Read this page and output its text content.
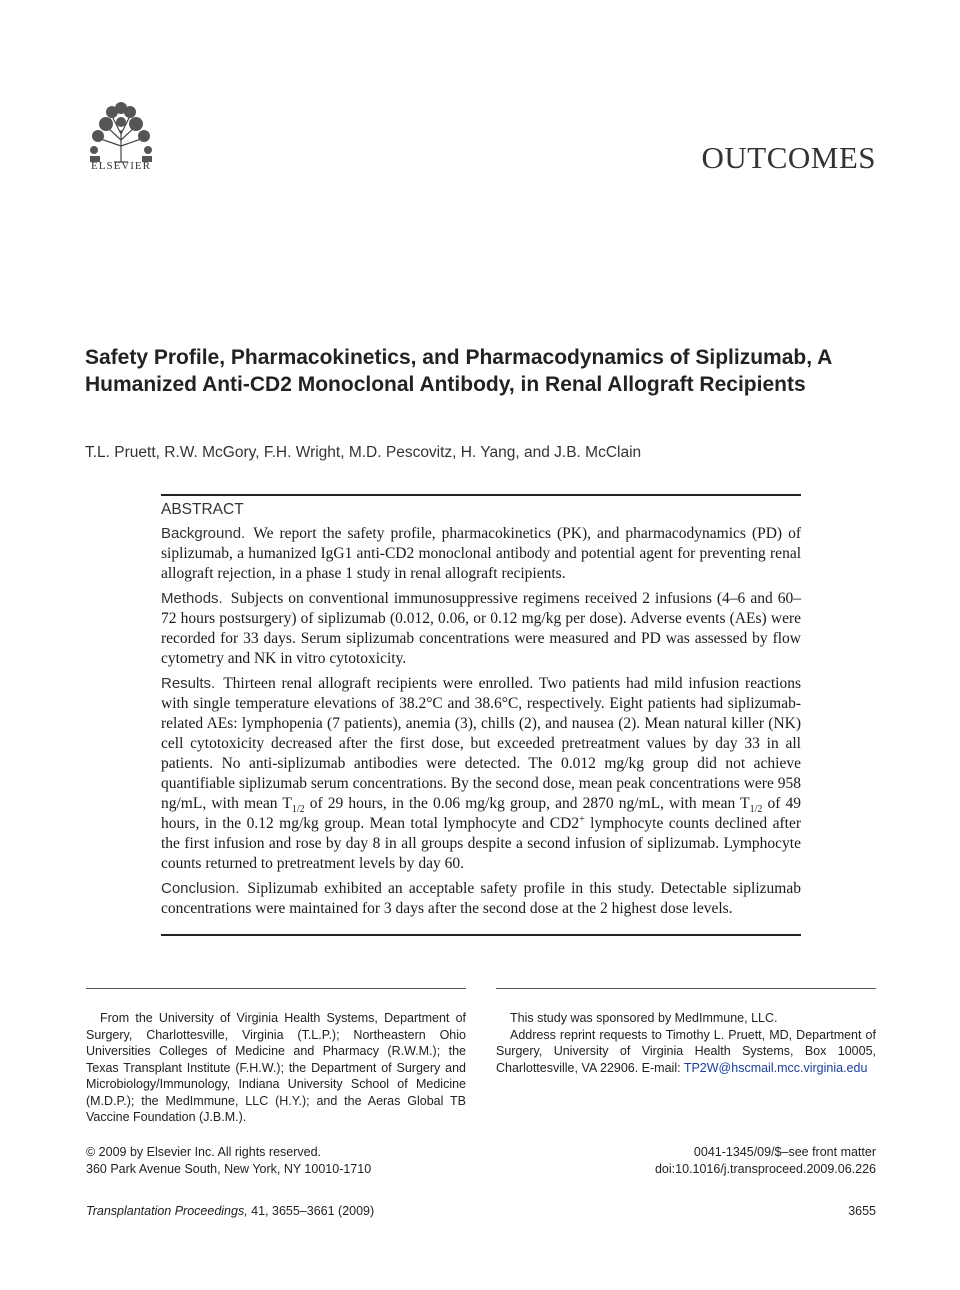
ELSEVIER	OUTCOMES
Safety Profile, Pharmacokinetics, and Pharmacodynamics of Siplizumab, A Humanized Anti-CD2 Monoclonal Antibody, in Renal Allograft Recipients
T.L. Pruett, R.W. McGory, F.H. Wright, M.D. Pescovitz, H. Yang, and J.B. McClain
ABSTRACT

Background. We report the safety profile, pharmacokinetics (PK), and pharmacodynamics (PD) of siplizumab, a humanized IgG1 anti-CD2 monoclonal antibody and potential agent for preventing renal allograft rejection, in a phase 1 study in renal allograft recipients.

Methods. Subjects on conventional immunosuppressive regimens received 2 infusions (4–6 and 60–72 hours postsurgery) of siplizumab (0.012, 0.06, or 0.12 mg/kg per dose). Adverse events (AEs) were recorded for 33 days. Serum siplizumab concentrations were measured and PD was assessed by flow cytometry and NK in vitro cytotoxicity.

Results. Thirteen renal allograft recipients were enrolled. Two patients had mild infusion reactions with single temperature elevations of 38.2°C and 38.6°C, respectively. Eight patients had siplizumab-related AEs: lymphopenia (7 patients), anemia (3), chills (2), and nausea (2). Mean natural killer (NK) cell cytotoxicity decreased after the first dose, but exceeded pretreatment values by day 33 in all patients. No anti-siplizumab antibodies were detected. The 0.012 mg/kg group did not achieve quantifiable siplizumab serum concentrations. By the second dose, mean peak concentrations were 958 ng/mL, with mean $T_{1/2}$ of 29 hours, in the 0.06 mg/kg group, and 2870 ng/mL, with mean $T_{1/2}$ of 49 hours, in the 0.12 mg/kg group. Mean total lymphocyte and CD2+ lymphocyte counts declined after the first infusion and rose by day 8 in all groups despite a second infusion of siplizumab. Lymphocyte counts returned to pretreatment levels by day 60.

Conclusion. Siplizumab exhibited an acceptable safety profile in this study. Detectable siplizumab concentrations were maintained for 3 days after the second dose at the 2 highest dose levels.

From the University of Virginia Health Systems, Department of Surgery, Charlottesville, Virginia (T.L.P.); Northeastern Ohio Universities Colleges of Medicine and Pharmacy (R.W.M.); the Texas Transplant Institute (F.H.W.); the Department of Surgery and Microbiology/Immunology, Indiana University School of Medicine (M.D.P.); the MedImmune, LLC (H.Y.); and the Aeras Global TB Vaccine Foundation (J.B.M.).

This study was sponsored by MedImmune, LLC.

Address reprint requests to Timothy L. Pruett, MD, Department of Surgery, University of Virginia Health Systems, Box 10005, Charlottesville, VA 22906. E-mail: TP2W@hscmail.mcc.virginia.edu

© 2009 by Elsevier Inc. All rights reserved.
360 Park Avenue South, New York, NY 10010-1710
0041-1345/09/$–see front matter
doi:10.1016/j.transproceed.2009.06.226
Transplantation Proceedings, 41, 3655–3661 (2009)	3655
